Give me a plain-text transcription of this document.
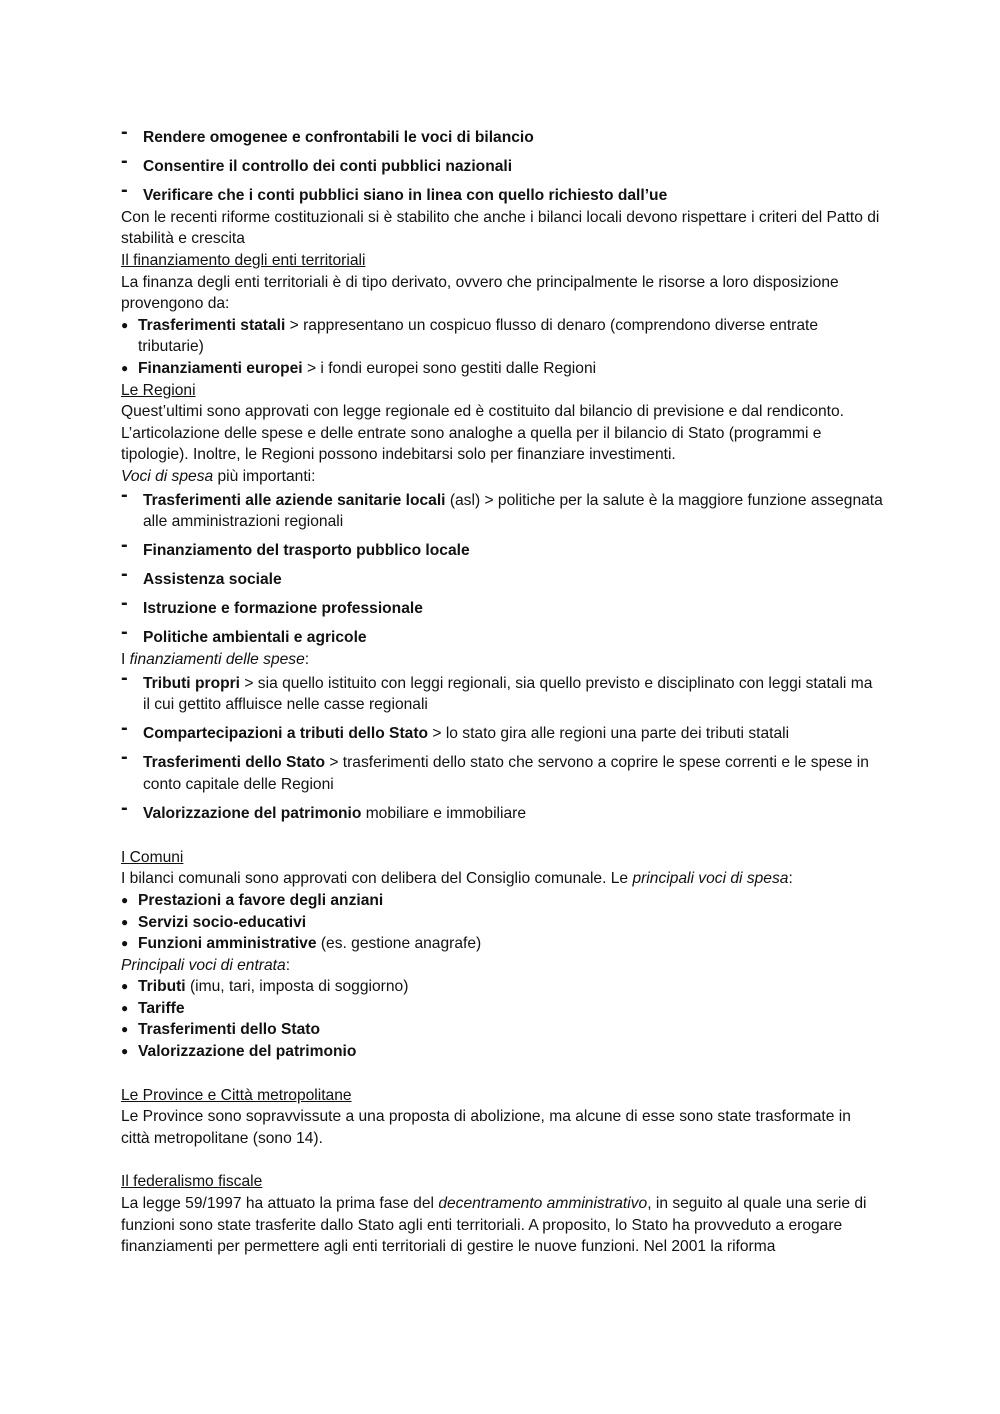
- Rendere omogenee e confrontabili le voci di bilancio
- Consentire il controllo dei conti pubblici nazionali
- Verificare che i conti pubblici siano in linea con quello richiesto dall’ue

Con le recenti riforme costituzionali si è stabilito che anche i bilanci locali devono rispettare i criteri del Patto di stabilità e crescita

Il finanziamento degli enti territoriali

La finanza degli enti territoriali è di tipo derivato, ovvero che principalmente le risorse a loro disposizione provengono da:

● Trasferimenti statali > rappresentano un cospicuo flusso di denaro (comprendono diverse entrate tributarie)
● Finanziamenti europei > i fondi europei sono gestiti dalle Regioni

Le Regioni

Quest’ultimi sono approvati con legge regionale ed è costituito dal bilancio di previsione e dal rendiconto. L’articolazione delle spese e delle entrate sono analoghe a quella per il bilancio di Stato (programmi e tipologie). Inoltre, le Regioni possono indebitarsi solo per finanziare investimenti.

Voci di spesa più importanti:

- Trasferimenti alle aziende sanitarie locali (asl) > politiche per la salute è la maggiore funzione assegnata alle amministrazioni regionali
- Finanziamento del trasporto pubblico locale
- Assistenza sociale
- Istruzione e formazione professionale
- Politiche ambientali e agricole

I finanziamenti delle spese:

- Tributi propri > sia quello istituito con leggi regionali, sia quello previsto e disciplinato con leggi statali ma il cui gettito affluisce nelle casse regionali
- Compartecipazioni a tributi dello Stato > lo stato gira alle regioni una parte dei tributi statali
- Trasferimenti dello Stato > trasferimenti dello stato che servono a coprire le spese correnti e le spese in conto capitale delle Regioni
- Valorizzazione del patrimonio mobiliare e immobiliare

I Comuni

I bilanci comunali sono approvati con delibera del Consiglio comunale. Le principali voci di spesa:

● Prestazioni a favore degli anziani
● Servizi socio-educativi
● Funzioni amministrative (es. gestione anagrafe)

Principali voci di entrata:

● Tributi (imu, tari, imposta di soggiorno)
● Tariffe
● Trasferimenti dello Stato
● Valorizzazione del patrimonio

Le Province e Città metropolitane

Le Province sono sopravvissute a una proposta di abolizione, ma alcune di esse sono state trasformate in città metropolitane (sono 14).

Il federalismo fiscale

La legge 59/1997 ha attuato la prima fase del decentramento amministrativo, in seguito al quale una serie di funzioni sono state trasferite dallo Stato agli enti territoriali. A proposito, lo Stato ha provveduto a erogare finanziamenti per permettere agli enti territoriali di gestire le nuove funzioni. Nel 2001 la riforma
